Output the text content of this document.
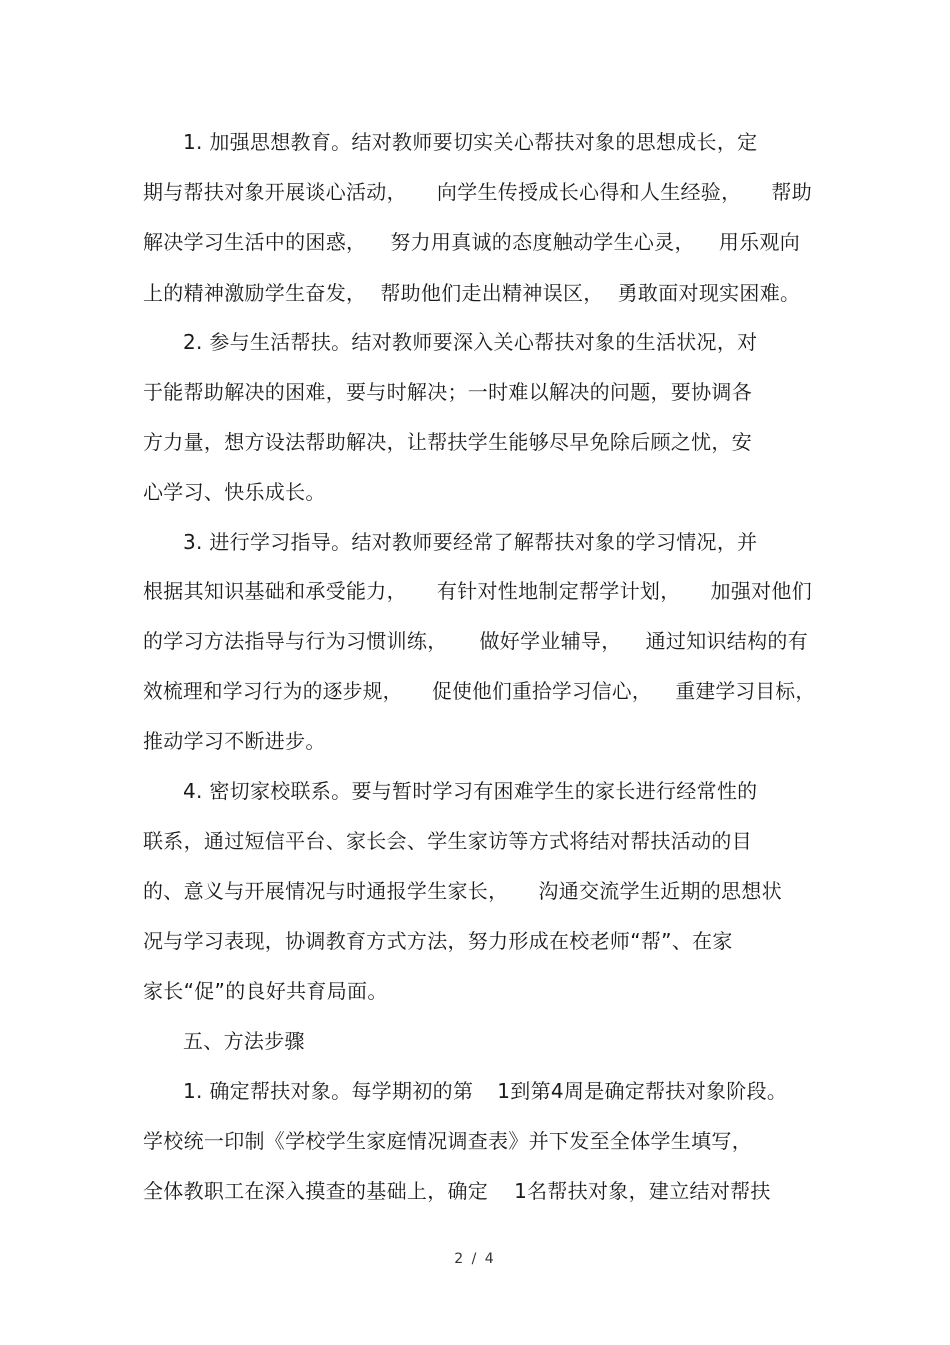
1. 加强思想教育。结对教师要切实关心帮扶对象的思想成长，定
期与帮扶对象开展谈心活动， 向学生传授成长心得和人生经验， 帮助
解决学习生活中的困惑， 努力用真诚的态度触动学生心灵， 用乐观向
上的精神激励学生奋发， 帮助他们走出精神误区， 勇敢面对现实困难。
2. 参与生活帮扶。结对教师要深入关心帮扶对象的生活状况，对
于能帮助解决的困难，要与时解决；一时难以解决的问题，要协调各
方力量，想方设法帮助解决，让帮扶学生能够尽早免除后顾之忧，安
心学习、快乐成长。
3. 进行学习指导。结对教师要经常了解帮扶对象的学习情况，并
根据其知识基础和承受能力， 有针对性地制定帮学计划， 加强对他们
的学习方法指导与行为习惯训练， 做好学业辅导， 通过知识结构的有
效梳理和学习行为的逐步规， 促使他们重拾学习信心， 重建学习目标，
推动学习不断进步。
4. 密切家校联系。要与暂时学习有困难学生的家长进行经常性的
联系，通过短信平台、家长会、学生家访等方式将结对帮扶活动的目
的、意义与开展情况与时通报学生家长， 沟通交流学生近期的思想状
况与学习表现，协调教育方式方法，努力形成在校老师“帮”、在家
家长“促”的良好共育局面。
五、方法步骤
1. 确定帮扶对象。每学期初的第 1到第4周是确定帮扶对象阶段。
学校统一印制《学校学生家庭情况调查表》并下发至全体学生填写，
全体教职工在深入摸查的基础上，确定 1名帮扶对象，建立结对帮扶
2 / 4
